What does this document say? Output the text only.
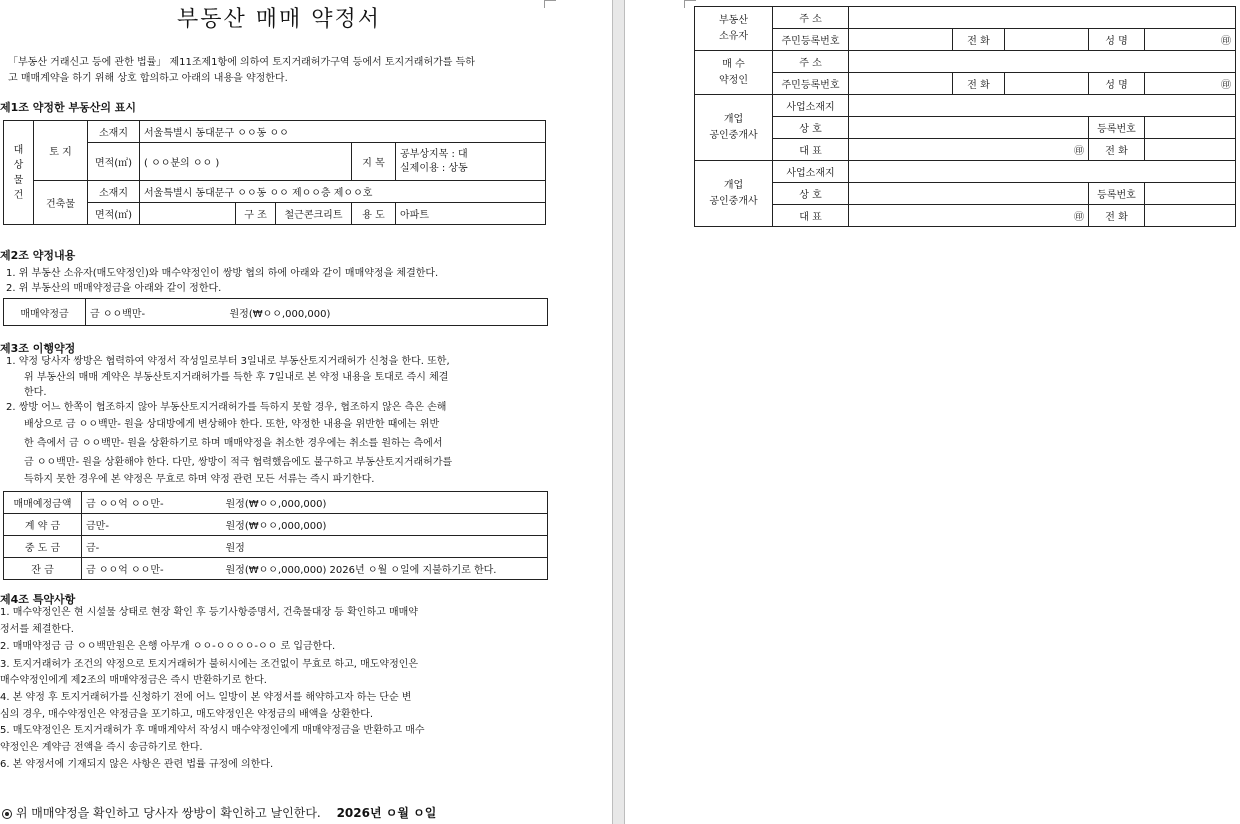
부동산 매매 약정서
「부동산 거래신고 등에 관한 법률」 제11조제1항에 의하여 토지거래허가구역 등에서 토지거래허가를 득하
고 매매계약을 하기 위해 상호 합의하고 아래의 내용을 약정한다.
제1조 약정한 부동산의 표시
대 상 물 건	토 지	소재지	서울특별시 동대문구 ㅇㅇ동 ㅇㅇ				
		면적(㎡)	( ㅇㅇ분의 ㅇㅇ )			지 목	공부상지목 : 대
실제이용 : 상동

	건축물	소재지	서울특별시 동대문구 ㅇㅇ동 ㅇㅇ 제ㅇㅇ층 제ㅇㅇ호				
		면적(㎡)		구 조	철근콘크리트	용 도	아파트
제2조 약정내용
1. 위 부동산 소유자(매도약정인)와 매수약정인이 쌍방 협의 하에 아래와 같이 매매약정을 체결한다.
2. 위 부동산의 매매약정금을 아래와 같이 정한다.
매매약정금	금 ㅇㅇ백만-	원정(₩ㅇㅇ,000,000)
제3조 이행약정
1. 약정 당사자 쌍방은 협력하여 약정서 작성일로부터 3일내로 부동산토지거래허가 신청을 한다. 또한,
위 부동산의 매매 계약은 부동산토지거래허가를 득한 후 7일내로 본 약정 내용을 토대로 즉시 체결
한다.
2. 쌍방 어느 한쪽이 협조하지 않아 부동산토지거래허가를 득하지 못할 경우, 협조하지 않은 측은 손해
배상으로 금 ㅇㅇ백만- 원을 상대방에게 변상해야 한다. 또한, 약정한 내용을 위반한 때에는 위반
한 측에서 금 ㅇㅇ백만- 원을 상환하기로 하며 매매약정을 취소한 경우에는 취소를 원하는 측에서
금 ㅇㅇ백만- 원을 상환해야 한다. 다만, 쌍방이 적극 협력했음에도 불구하고 부동산토지거래허가를
득하지 못한 경우에 본 약정은 무효로 하며 약정 관련 모든 서류는 즉시 파기한다.
매매예정금액	금 ㅇㅇ억 ㅇㅇ만-	원정(₩ㅇㅇ,000,000)
계 약 금	금만-	원정(₩ㅇㅇ,000,000)
중 도 금	금-	원정
잔 금	금 ㅇㅇ억 ㅇㅇ만-	원정(₩ㅇㅇ,000,000) 2026년 ㅇ월 ㅇ일에 지불하기로 한다.
제4조 특약사항
1. 매수약정인은 현 시설물 상태로 현장 확인 후 등기사항증명서, 건축물대장 등 확인하고 매매약
정서를 체결한다.
2. 매매약정금 금 ㅇㅇ백만원은 은행 아무개 ㅇㅇ-ㅇㅇㅇㅇ-ㅇㅇ 로 입금한다.
3. 토지거래허가 조건의 약정으로 토지거래허가 불허시에는 조건없이 무효로 하고, 매도약정인은
매수약정인에게 제2조의 매매약정금은 즉시 반환하기로 한다.
4. 본 약정 후 토지거래허가를 신청하기 전에 어느 일방이 본 약정서를 해약하고자 하는 단순 변
심의 경우, 매수약정인은 약정금을 포기하고, 매도약정인은 약정금의 배액을 상환한다.
5. 매도약정인은 토지거래허가 후 매매계약서 작성시 매수약정인에게 매매약정금을 반환하고 매수
약정인은 계약금 전액을 즉시 송금하기로 한다.
6. 본 약정서에 기재되지 않은 사항은 관련 법률 규정에 의한다.
위 매매약정을 확인하고 당사자 쌍방이 확인하고 날인한다. 2026년 ㅇ월 ㅇ일
부동산
소유자	주 소					
	주민등록번호		전 화		성 명	㊞

매 수
약정인	주 소					
	주민등록번호		전 화		성 명	㊞

개업
공인중개사	사업소재지					
	상 호				등록번호	
	대 표	㊞			전 화	

개업
공인중개사	사업소재지					
	상 호				등록번호	
	대 표	㊞			전 화	
